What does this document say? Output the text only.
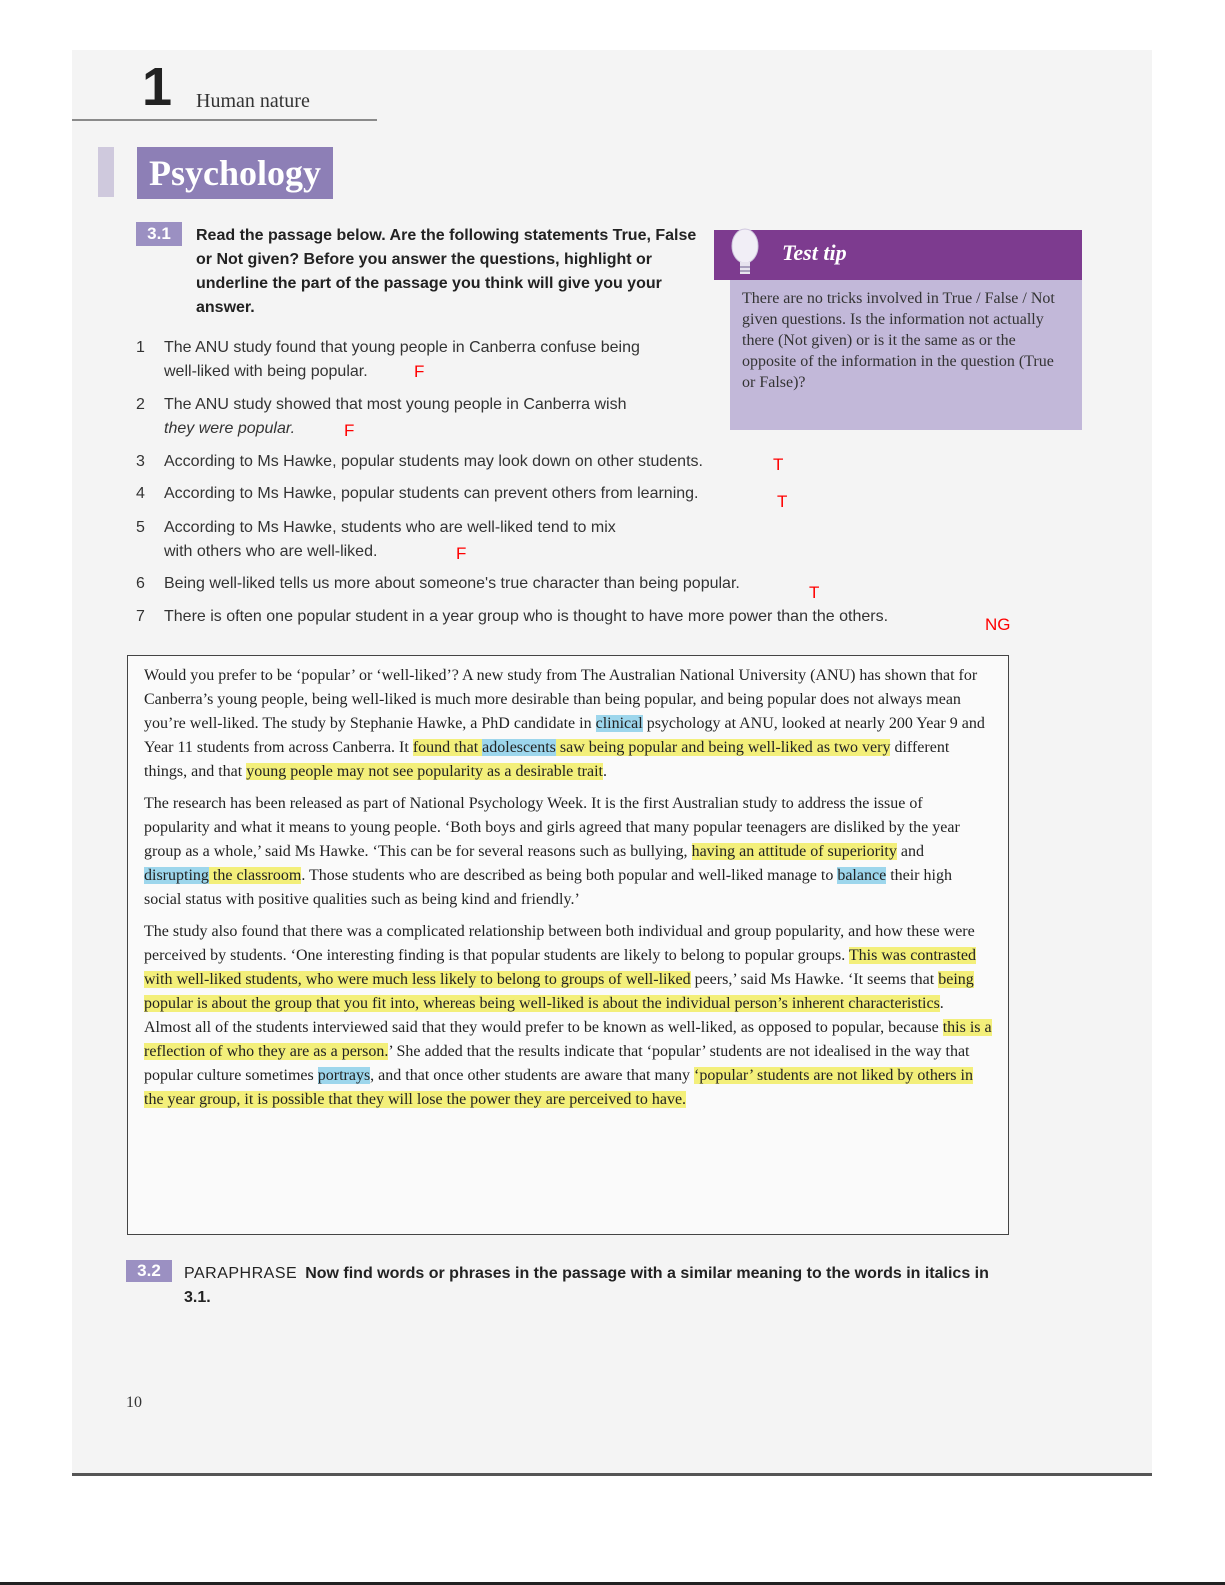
1 Human nature
Psychology
3.1	Read the passage below. Are the following statements True, False or Not given? Before you answer the questions, highlight or underline the part of the passage you think will give you your answer.
Test tip
There are no tricks involved in True / False / Not given questions. Is the information not actually there (Not given) or is it the same as or the opposite of the information in the question (True or False)?
1 The ANU study found that young people in Canberra confuse being
well-liked with being popular.	F
2 The ANU study showed that most young people in Canberra wish
they were popular.	F
3 According to Ms Hawke, popular students may look down on other students.	T
4 According to Ms Hawke, popular students can prevent others from learning.	T
5 According to Ms Hawke, students who are well-liked tend to mix
with others who are well-liked.	F
6 Being well-liked tells us more about someone's true character than being popular.	T
7 There is often one popular student in a year group who is thought to have more power than the others.	NG

Would you prefer to be ‘popular’ or ‘well-liked’? A new study from The Australian National University (ANU) has shown that for Canberra’s young people, being well-liked is much more desirable than being popular, and being popular does not always mean you’re well-liked. The study by Stephanie Hawke, a PhD candidate in clinical psychology at ANU, looked at nearly 200 Year 9 and Year 11 students from across Canberra. It found that adolescents saw being popular and being well-liked as two very different things, and that young people may not see popularity as a desirable trait.

The research has been released as part of National Psychology Week. It is the first Australian study to address the issue of popularity and what it means to young people. ‘Both boys and girls agreed that many popular teenagers are disliked by the year group as a whole,’ said Ms Hawke. ‘This can be for several reasons such as bullying, having an attitude of superiority and disrupting the classroom. Those students who are described as being both popular and well-liked manage to balance their high social status with positive qualities such as being kind and friendly.’

The study also found that there was a complicated relationship between both individual and group popularity, and how these were perceived by students. ‘One interesting finding is that popular students are likely to belong to popular groups. This was contrasted with well-liked students, who were much less likely to belong to groups of well-liked peers,’ said Ms Hawke. ‘It seems that being popular is about the group that you fit into, whereas being well-liked is about the individual person’s inherent characteristics. Almost all of the students interviewed said that they would prefer to be known as well-liked, as opposed to popular, because this is a reflection of who they are as a person.’ She added that the results indicate that ‘popular’ students are not idealised in the way that popular culture sometimes portrays, and that once other students are aware that many ‘popular’ students are not liked by others in the year group, it is possible that they will lose the power they are perceived to have.

3.2	PARAPHRASE Now find words or phrases in the passage with a similar meaning to the words in italics in 3.1.
10
